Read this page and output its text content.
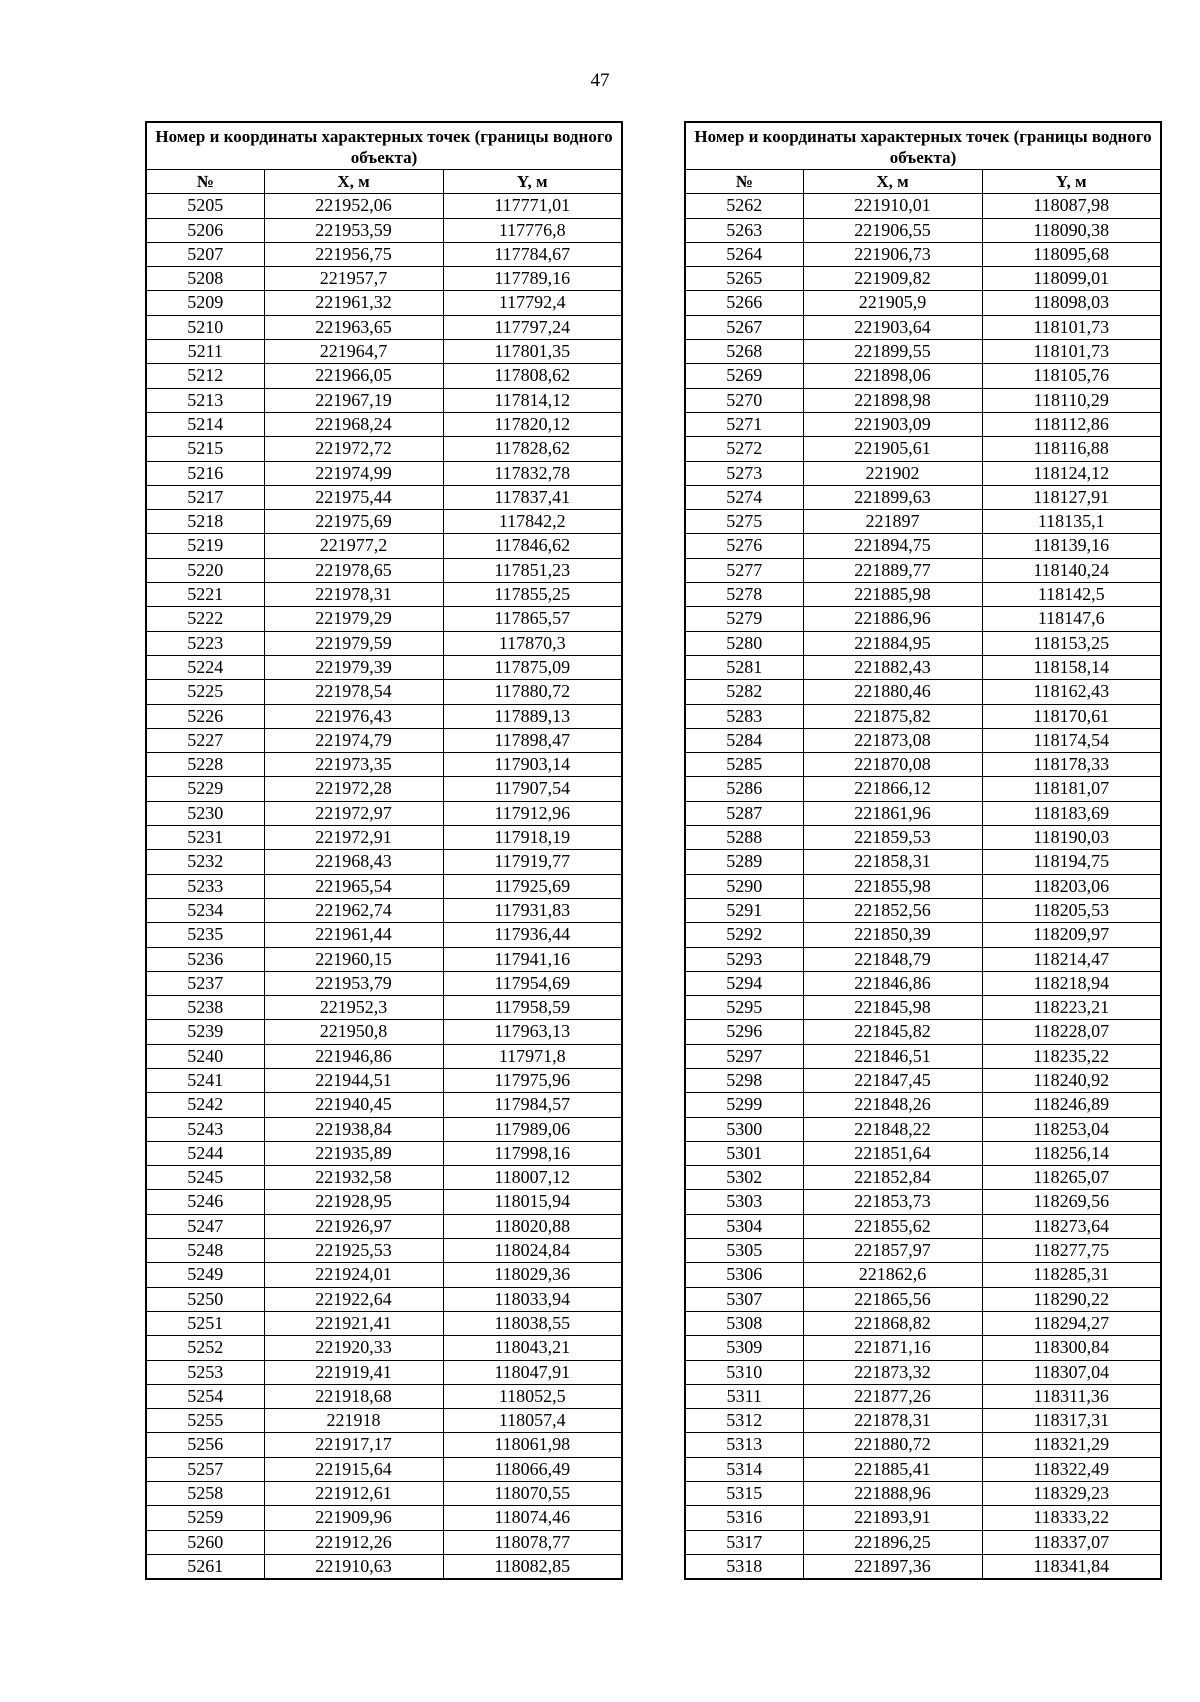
47
Номер и координаты характерных точек (границы водного объекта)		
№	X, м	Y, м
5205	221952,06	117771,01
5206	221953,59	117776,8
5207	221956,75	117784,67
5208	221957,7	117789,16
5209	221961,32	117792,4
5210	221963,65	117797,24
5211	221964,7	117801,35
5212	221966,05	117808,62
5213	221967,19	117814,12
5214	221968,24	117820,12
5215	221972,72	117828,62
5216	221974,99	117832,78
5217	221975,44	117837,41
5218	221975,69	117842,2
5219	221977,2	117846,62
5220	221978,65	117851,23
5221	221978,31	117855,25
5222	221979,29	117865,57
5223	221979,59	117870,3
5224	221979,39	117875,09
5225	221978,54	117880,72
5226	221976,43	117889,13
5227	221974,79	117898,47
5228	221973,35	117903,14
5229	221972,28	117907,54
5230	221972,97	117912,96
5231	221972,91	117918,19
5232	221968,43	117919,77
5233	221965,54	117925,69
5234	221962,74	117931,83
5235	221961,44	117936,44
5236	221960,15	117941,16
5237	221953,79	117954,69
5238	221952,3	117958,59
5239	221950,8	117963,13
5240	221946,86	117971,8
5241	221944,51	117975,96
5242	221940,45	117984,57
5243	221938,84	117989,06
5244	221935,89	117998,16
5245	221932,58	118007,12
5246	221928,95	118015,94
5247	221926,97	118020,88
5248	221925,53	118024,84
5249	221924,01	118029,36
5250	221922,64	118033,94
5251	221921,41	118038,55
5252	221920,33	118043,21
5253	221919,41	118047,91
5254	221918,68	118052,5
5255	221918	118057,4
5256	221917,17	118061,98
5257	221915,64	118066,49
5258	221912,61	118070,55
5259	221909,96	118074,46
5260	221912,26	118078,77
5261	221910,63	118082,85
Номер и координаты характерных точек (границы водного объекта)		
№	X, м	Y, м
5262	221910,01	118087,98
5263	221906,55	118090,38
5264	221906,73	118095,68
5265	221909,82	118099,01
5266	221905,9	118098,03
5267	221903,64	118101,73
5268	221899,55	118101,73
5269	221898,06	118105,76
5270	221898,98	118110,29
5271	221903,09	118112,86
5272	221905,61	118116,88
5273	221902	118124,12
5274	221899,63	118127,91
5275	221897	118135,1
5276	221894,75	118139,16
5277	221889,77	118140,24
5278	221885,98	118142,5
5279	221886,96	118147,6
5280	221884,95	118153,25
5281	221882,43	118158,14
5282	221880,46	118162,43
5283	221875,82	118170,61
5284	221873,08	118174,54
5285	221870,08	118178,33
5286	221866,12	118181,07
5287	221861,96	118183,69
5288	221859,53	118190,03
5289	221858,31	118194,75
5290	221855,98	118203,06
5291	221852,56	118205,53
5292	221850,39	118209,97
5293	221848,79	118214,47
5294	221846,86	118218,94
5295	221845,98	118223,21
5296	221845,82	118228,07
5297	221846,51	118235,22
5298	221847,45	118240,92
5299	221848,26	118246,89
5300	221848,22	118253,04
5301	221851,64	118256,14
5302	221852,84	118265,07
5303	221853,73	118269,56
5304	221855,62	118273,64
5305	221857,97	118277,75
5306	221862,6	118285,31
5307	221865,56	118290,22
5308	221868,82	118294,27
5309	221871,16	118300,84
5310	221873,32	118307,04
5311	221877,26	118311,36
5312	221878,31	118317,31
5313	221880,72	118321,29
5314	221885,41	118322,49
5315	221888,96	118329,23
5316	221893,91	118333,22
5317	221896,25	118337,07
5318	221897,36	118341,84
